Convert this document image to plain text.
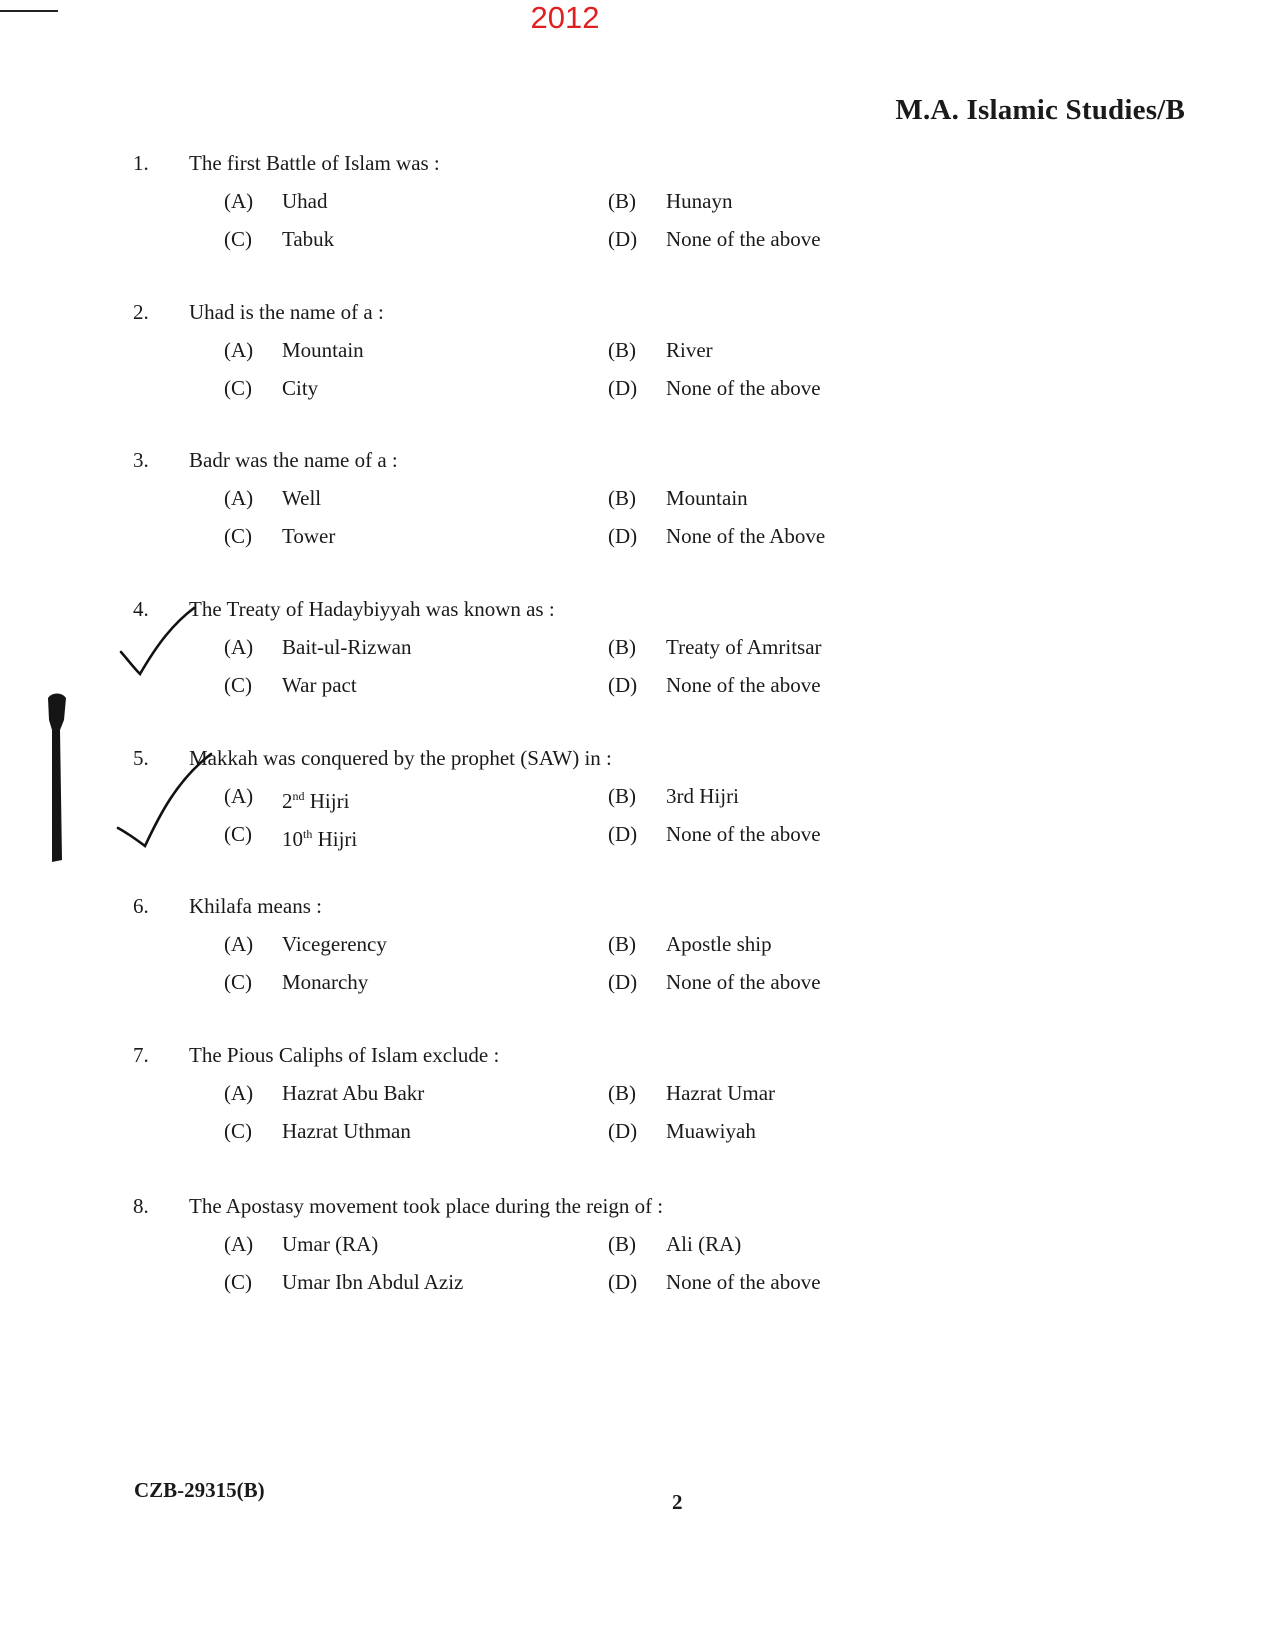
2012
M.A. Islamic Studies/B
1. The first Battle of Islam was :
(A) Uhad	(B) Hunayn
(C) Tabuk	(D) None of the above
2. Uhad is the name of a :
(A) Mountain	(B) River
(C) City	(D) None of the above
3. Badr was the name of a :
(A) Well	(B) Mountain
(C) Tower	(D) None of the Above
4. The Treaty of Hadaybiyyah was known as :
(A) Bait-ul-Rizwan	(B) Treaty of Amritsar
(C) War pact	(D) None of the above
5. Makkah was conquered by the prophet (SAW) in :
(A) 2nd Hijri	(B) 3rd Hijri
(C) 10th Hijri	(D) None of the above
6. Khilafa means :
(A) Vicegerency	(B) Apostle ship
(C) Monarchy	(D) None of the above
7. The Pious Caliphs of Islam exclude :
(A) Hazrat Abu Bakr	(B) Hazrat Umar
(C) Hazrat Uthman	(D) Muawiyah
8. The Apostasy movement took place during the reign of :
(A) Umar (RA)	(B) Ali (RA)
(C) Umar Ibn Abdul Aziz	(D) None of the above
CZB-29315(B)	2
